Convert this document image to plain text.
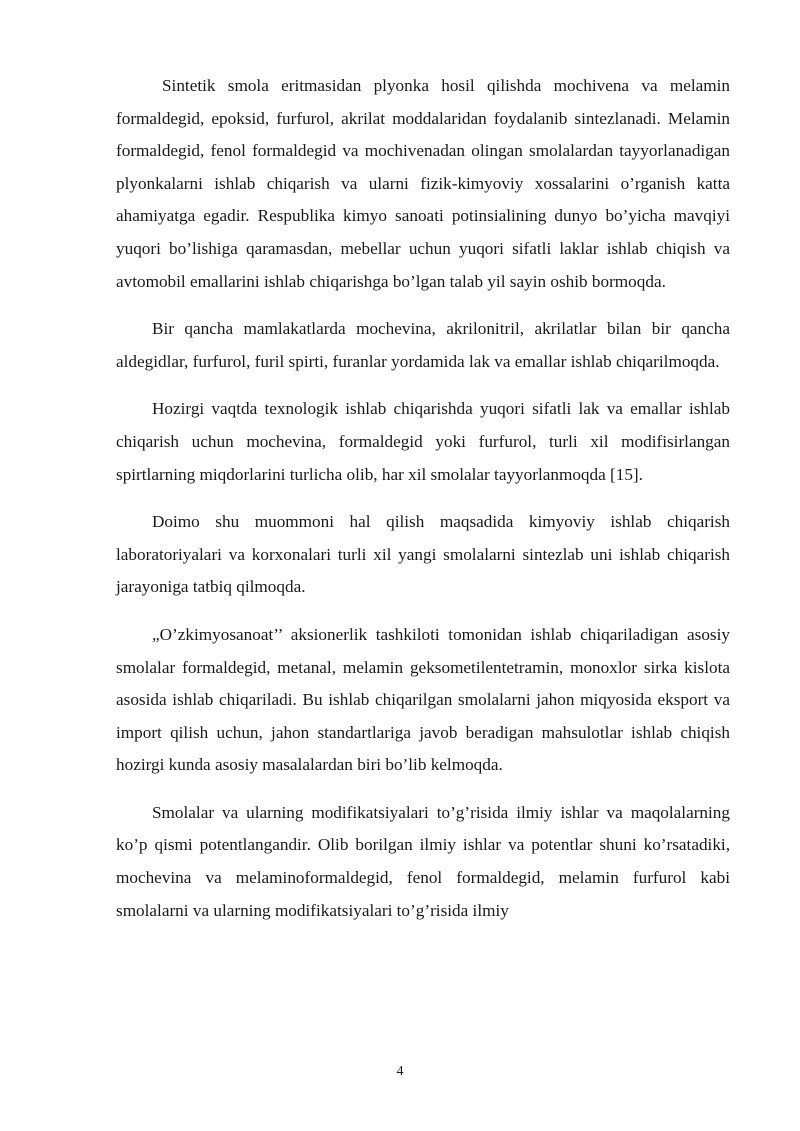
Sintetik smola eritmasidan plyonka hosil qilishda mochivena va melamin formaldegid, epoksid, furfurol, akrilat moddalaridan foydalanib sintezlanadi. Melamin formaldegid, fenol formaldegid va mochivenadan olingan smolalardan tayyorlanadigan plyonkalarni ishlab chiqarish va ularni fizik-kimyoviy xossalarini o’rganish katta ahamiyatga egadir. Respublika kimyo sanoati potinsialining dunyo bo’yicha mavqiyi yuqori bo’lishiga qaramasdan, mebellar uchun yuqori sifatli laklar ishlab chiqish va avtomobil emallarini ishlab chiqarishga bo’lgan talab yil sayin oshib bormoqda.

Bir qancha mamlakatlarda mochevina, akrilonitril, akrilatlar bilan bir qancha aldegidlar, furfurol, furil spirti, furanlar yordamida lak va emallar ishlab chiqarilmoqda.

Hozirgi vaqtda texnologik ishlab chiqarishda yuqori sifatli lak va emallar ishlab chiqarish uchun mochevina, formaldegid yoki furfurol, turli xil modifisirlangan spirtlarning miqdorlarini turlicha olib, har xil smolalar tayyorlanmoqda [15].

Doimo shu muommoni hal qilish maqsadida kimyoviy ishlab chiqarish laboratoriyalari va korxonalari turli xil yangi smolalarni sintezlab uni ishlab chiqarish jarayoniga tatbiq qilmoqda.

„O’zkimyosanoat’’ aksionerlik tashkiloti tomonidan ishlab chiqariladigan asosiy smolalar formaldegid, metanal, melamin geksometilentetramin, monoxlor sirka kislota asosida ishlab chiqariladi. Bu ishlab chiqarilgan smolalarni jahon miqyosida eksport va import qilish uchun, jahon standartlariga javob beradigan mahsulotlar ishlab chiqish hozirgi kunda asosiy masalalardan biri bo’lib kelmoqda.

Smolalar va ularning modifikatsiyalari to’g’risida ilmiy ishlar va maqolalarning ko’p qismi potentlangandir. Olib borilgan ilmiy ishlar va potentlar shuni ko’rsatadiki, mochevina va melaminoformaldegid, fenol formaldegid, melamin furfurol kabi smolalarni va ularning modifikatsiyalari to’g’risida ilmiy

4
